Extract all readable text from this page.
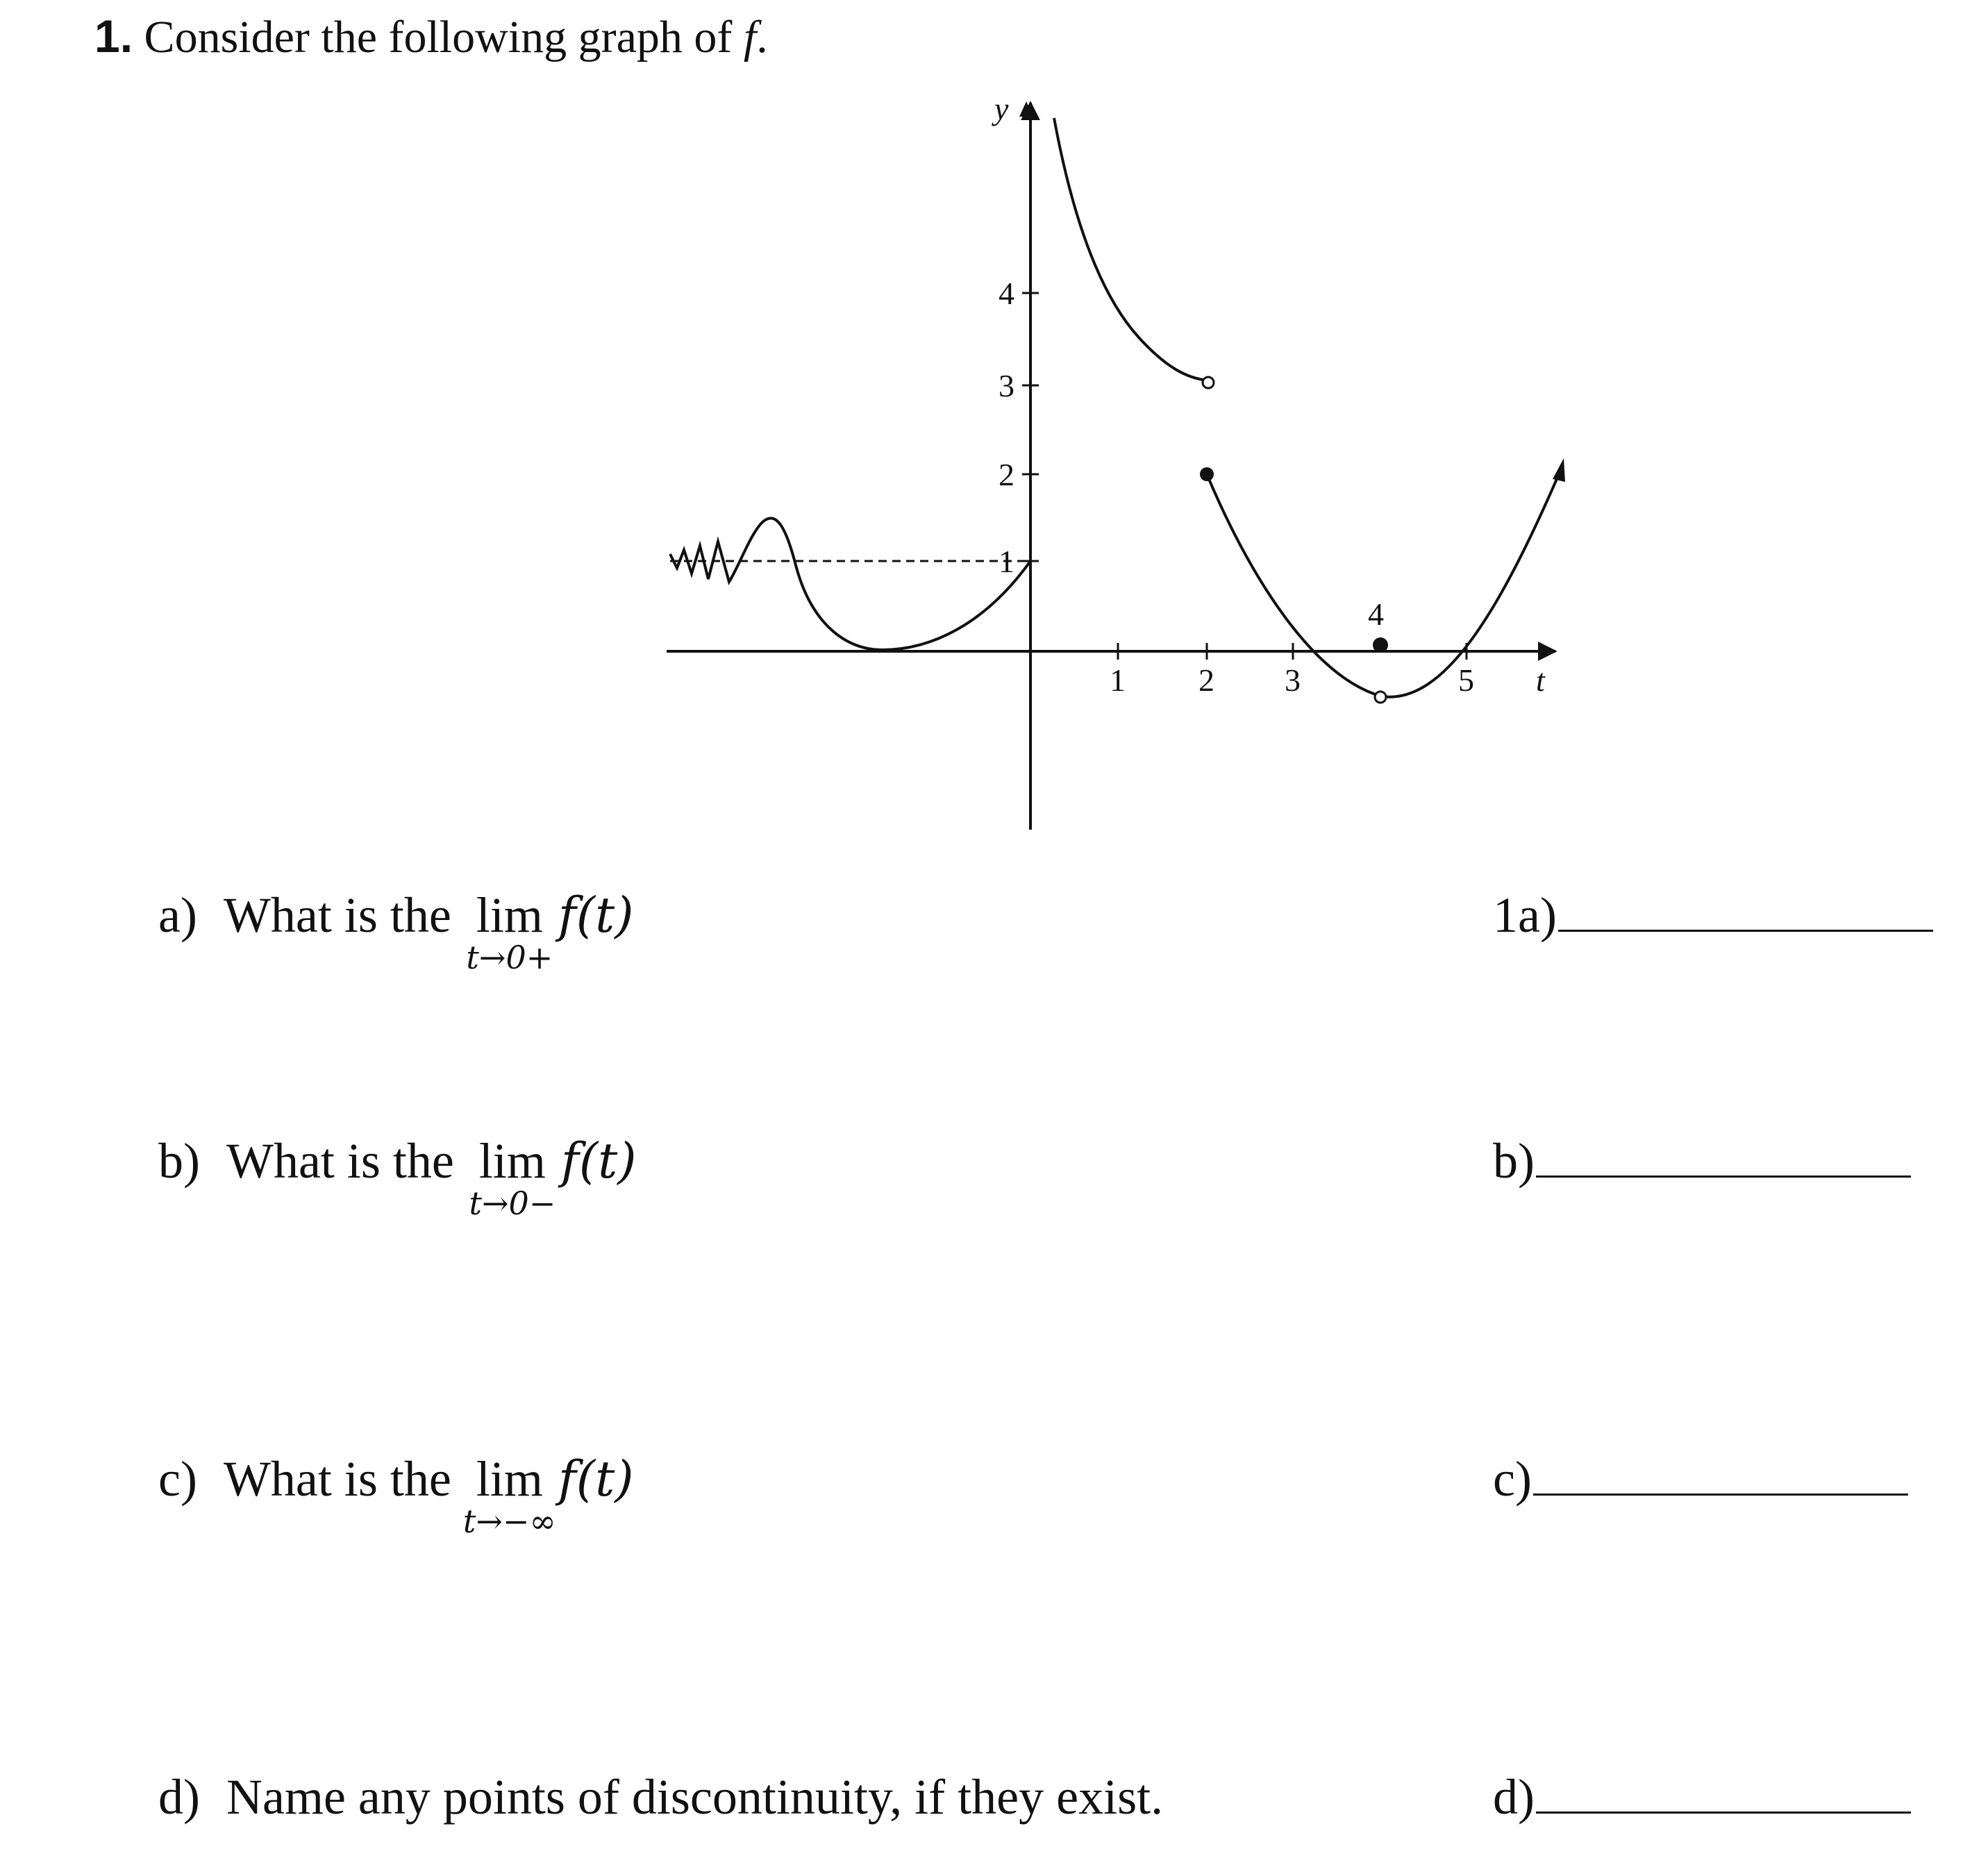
1. Consider the following graph of f.
y
t
1
2
3
4
1 2 3	5
4
a) What is the lim
t→0+
f(t)	1a)
b) What is the lim
t→0−
f(t)	b)
c) What is the lim
t→−∞
f(t)	c)
d) Name any points of discontinuity, if they exist.	d)
